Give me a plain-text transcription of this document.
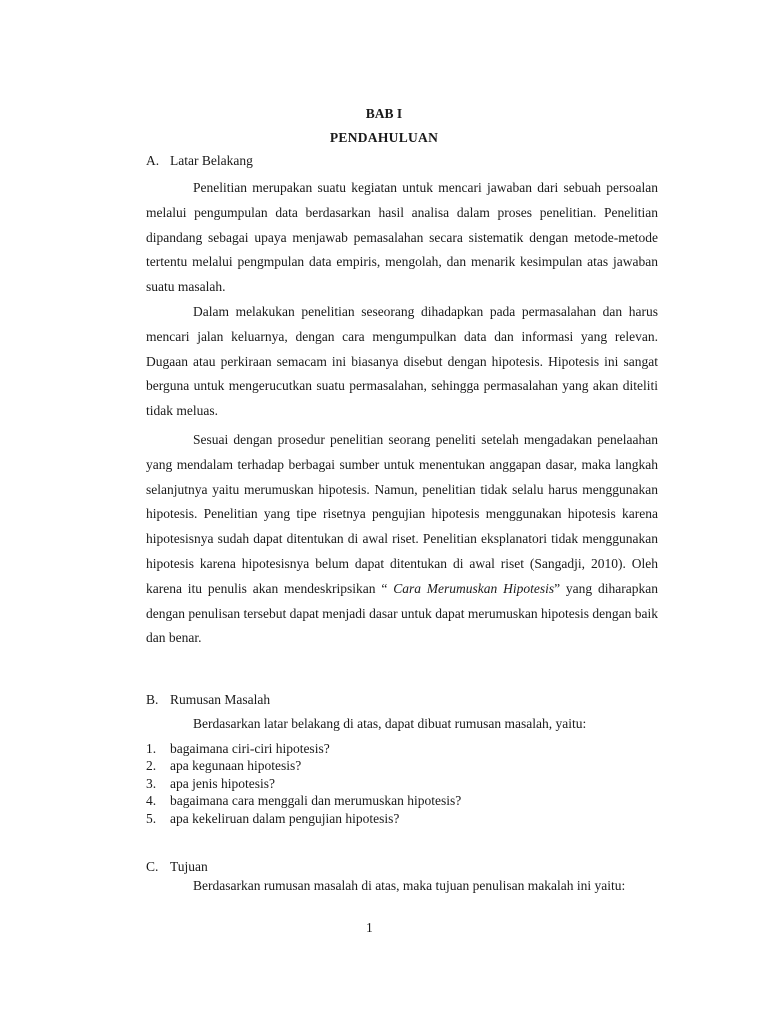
BAB I
PENDAHULUAN
A. Latar Belakang

Penelitian merupakan suatu kegiatan untuk mencari jawaban dari sebuah persoalan melalui pengumpulan data berdasarkan hasil analisa dalam proses penelitian. Penelitian dipandang sebagai upaya menjawab pemasalahan secara sistematik dengan metode-metode tertentu melalui pengmpulan data empiris, mengolah, dan menarik kesimpulan atas jawaban suatu masalah.

Dalam melakukan penelitian seseorang dihadapkan pada permasalahan dan harus mencari jalan keluarnya, dengan cara mengumpulkan data dan informasi yang relevan. Dugaan atau perkiraan semacam ini biasanya disebut dengan hipotesis. Hipotesis ini sangat berguna untuk mengerucutkan suatu permasalahan, sehingga permasalahan yang akan diteliti tidak meluas.

Sesuai dengan prosedur penelitian seorang peneliti setelah mengadakan penelaahan yang mendalam terhadap berbagai sumber untuk menentukan anggapan dasar, maka langkah selanjutnya yaitu merumuskan hipotesis. Namun, penelitian tidak selalu harus menggunakan hipotesis. Penelitian yang tipe risetnya pengujian hipotesis menggunakan hipotesis karena hipotesisnya sudah dapat ditentukan di awal riset. Penelitian eksplanatori tidak menggunakan hipotesis karena hipotesisnya belum dapat ditentukan di awal riset (Sangadji, 2010). Oleh karena itu penulis akan mendeskripsikan “ Cara Merumuskan Hipotesis” yang diharapkan dengan penulisan tersebut dapat menjadi dasar untuk dapat merumuskan hipotesis dengan baik dan benar.

B. Rumusan Masalah

Berdasarkan latar belakang di atas, dapat dibuat rumusan masalah, yaitu:

1. bagaimana ciri-ciri hipotesis?
2. apa kegunaan hipotesis?
3. apa jenis hipotesis?
4. bagaimana cara menggali dan merumuskan hipotesis?
5. apa kekeliruan dalam pengujian hipotesis?
C. Tujuan

Berdasarkan rumusan masalah di atas, maka tujuan penulisan makalah ini yaitu:

1
